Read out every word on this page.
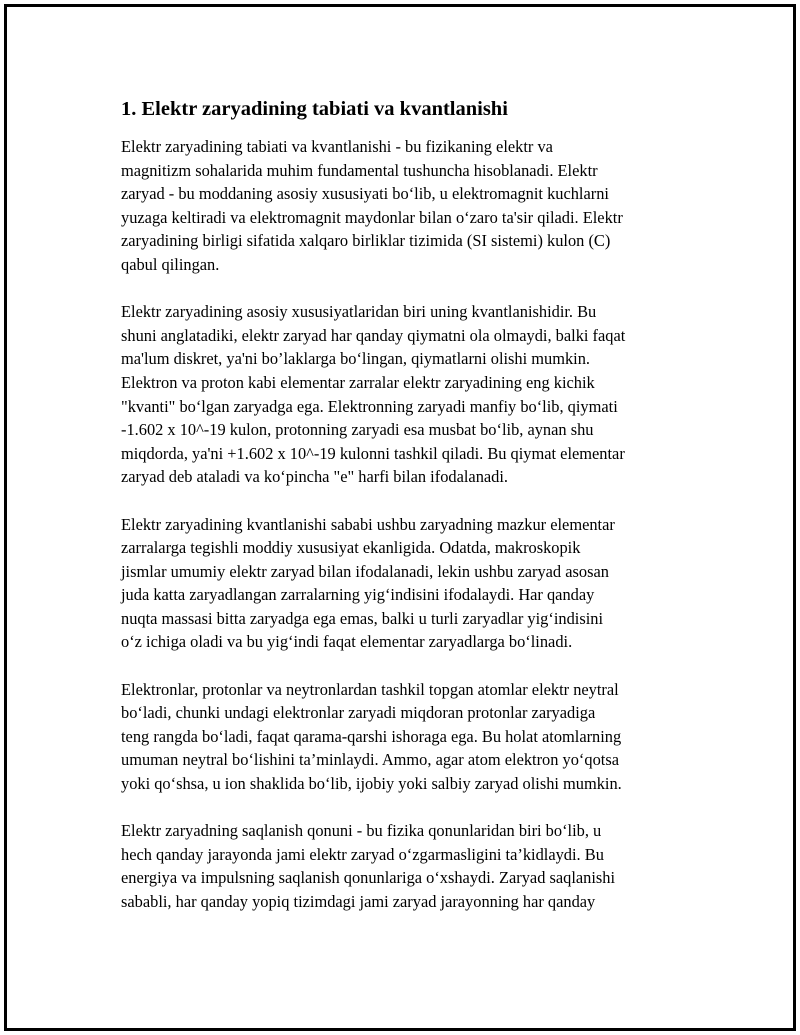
1. Elektr zaryadining tabiati va kvantlanishi
Elektr zaryadining tabiati va kvantlanishi - bu fizikaning elektr va
magnitizm sohalarida muhim fundamental tushuncha hisoblanadi. Elektr
zaryad - bu moddaning asosiy xususiyati bo‘lib, u elektromagnit kuchlarni
yuzaga keltiradi va elektromagnit maydonlar bilan o‘zaro ta'sir qiladi. Elektr
zaryadining birligi sifatida xalqaro birliklar tizimida (SI sistemi) kulon (C)
qabul qilingan.
Elektr zaryadining asosiy xususiyatlaridan biri uning kvantlanishidir. Bu
shuni anglatadiki, elektr zaryad har qanday qiymatni ola olmaydi, balki faqat
ma'lum diskret, ya'ni bo’laklarga bo‘lingan, qiymatlarni olishi mumkin.
Elektron va proton kabi elementar zarralar elektr zaryadining eng kichik
"kvanti" bo‘lgan zaryadga ega. Elektronning zaryadi manfiy bo‘lib, qiymati
-1.602 x 10^-19 kulon, protonning zaryadi esa musbat bo‘lib, aynan shu
miqdorda, ya'ni +1.602 x 10^-19 kulonni tashkil qiladi. Bu qiymat elementar
zaryad deb ataladi va ko‘pincha "e" harfi bilan ifodalanadi.
Elektr zaryadining kvantlanishi sababi ushbu zaryadning mazkur elementar
zarralarga tegishli moddiy xususiyat ekanligida. Odatda, makroskopik
jismlar umumiy elektr zaryad bilan ifodalanadi, lekin ushbu zaryad asosan
juda katta zaryadlangan zarralarning yig‘indisini ifodalaydi. Har qanday
nuqta massasi bitta zaryadga ega emas, balki u turli zaryadlar yig‘indisini
o‘z ichiga oladi va bu yig‘indi faqat elementar zaryadlarga bo‘linadi.
Elektronlar, protonlar va neytronlardan tashkil topgan atomlar elektr neytral
bo‘ladi, chunki undagi elektronlar zaryadi miqdoran protonlar zaryadiga
teng rangda bo‘ladi, faqat qarama-qarshi ishoraga ega. Bu holat atomlarning
umuman neytral bo‘lishini ta’minlaydi. Ammo, agar atom elektron yo‘qotsa
yoki qo‘shsa, u ion shaklida bo‘lib, ijobiy yoki salbiy zaryad olishi mumkin.
Elektr zaryadning saqlanish qonuni - bu fizika qonunlaridan biri bo‘lib, u
hech qanday jarayonda jami elektr zaryad o‘zgarmasligini ta’kidlaydi. Bu
energiya va impulsning saqlanish qonunlariga o‘xshaydi. Zaryad saqlanishi
sababli, har qanday yopiq tizimdagi jami zaryad jarayonning har qanday
